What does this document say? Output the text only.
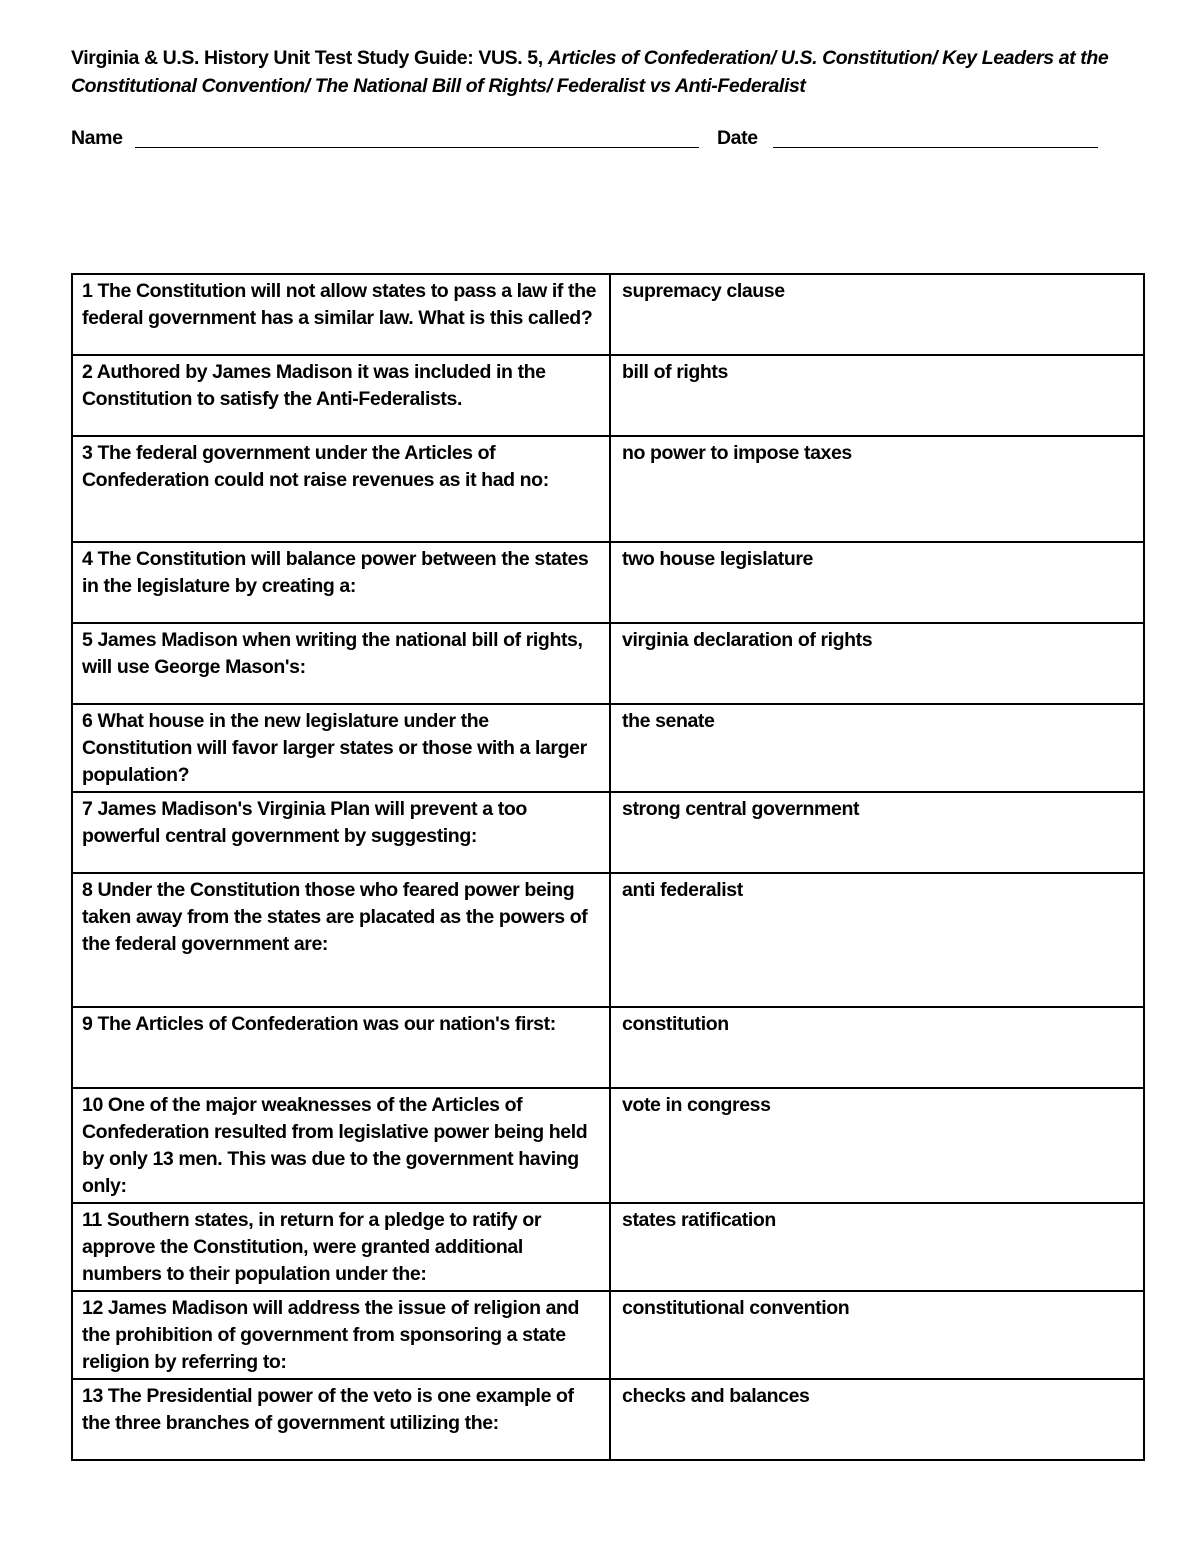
Virginia & U.S. History Unit Test Study Guide: VUS. 5, Articles of Confederation/ U.S. Constitution/ Key Leaders at the Constitutional Convention/ The National Bill of Rights/ Federalist vs Anti-Federalist
Name	Date
1 The Constitution will not allow states to pass a law if the federal government has a similar law. What is this called?	supremacy clause
2 Authored by James Madison it was included in the Constitution to satisfy the Anti-Federalists.	bill of rights
3 The federal government under the Articles of Confederation could not raise revenues as it had no:	no power to impose taxes
4 The Constitution will balance power between the states in the legislature by creating a:	two house legislature
5 James Madison when writing the national bill of rights, will use George Mason's:	virginia declaration of rights
6 What house in the new legislature under the Constitution will favor larger states or those with a larger population?	the senate
7 James Madison's Virginia Plan will prevent a too powerful central government by suggesting:	strong central government
8 Under the Constitution those who feared power being taken away from the states are placated as the powers of the federal government are:	anti federalist
9 The Articles of Confederation was our nation's first:	constitution
10 One of the major weaknesses of the Articles of Confederation resulted from legislative power being held by only 13 men. This was due to the government having only:	vote in congress
11 Southern states, in return for a pledge to ratify or approve the Constitution, were granted additional numbers to their population under the:	states ratification
12 James Madison will address the issue of religion and the prohibition of government from sponsoring a state religion by referring to:	constitutional convention
13 The Presidential power of the veto is one example of the three branches of government utilizing the:	checks and balances
